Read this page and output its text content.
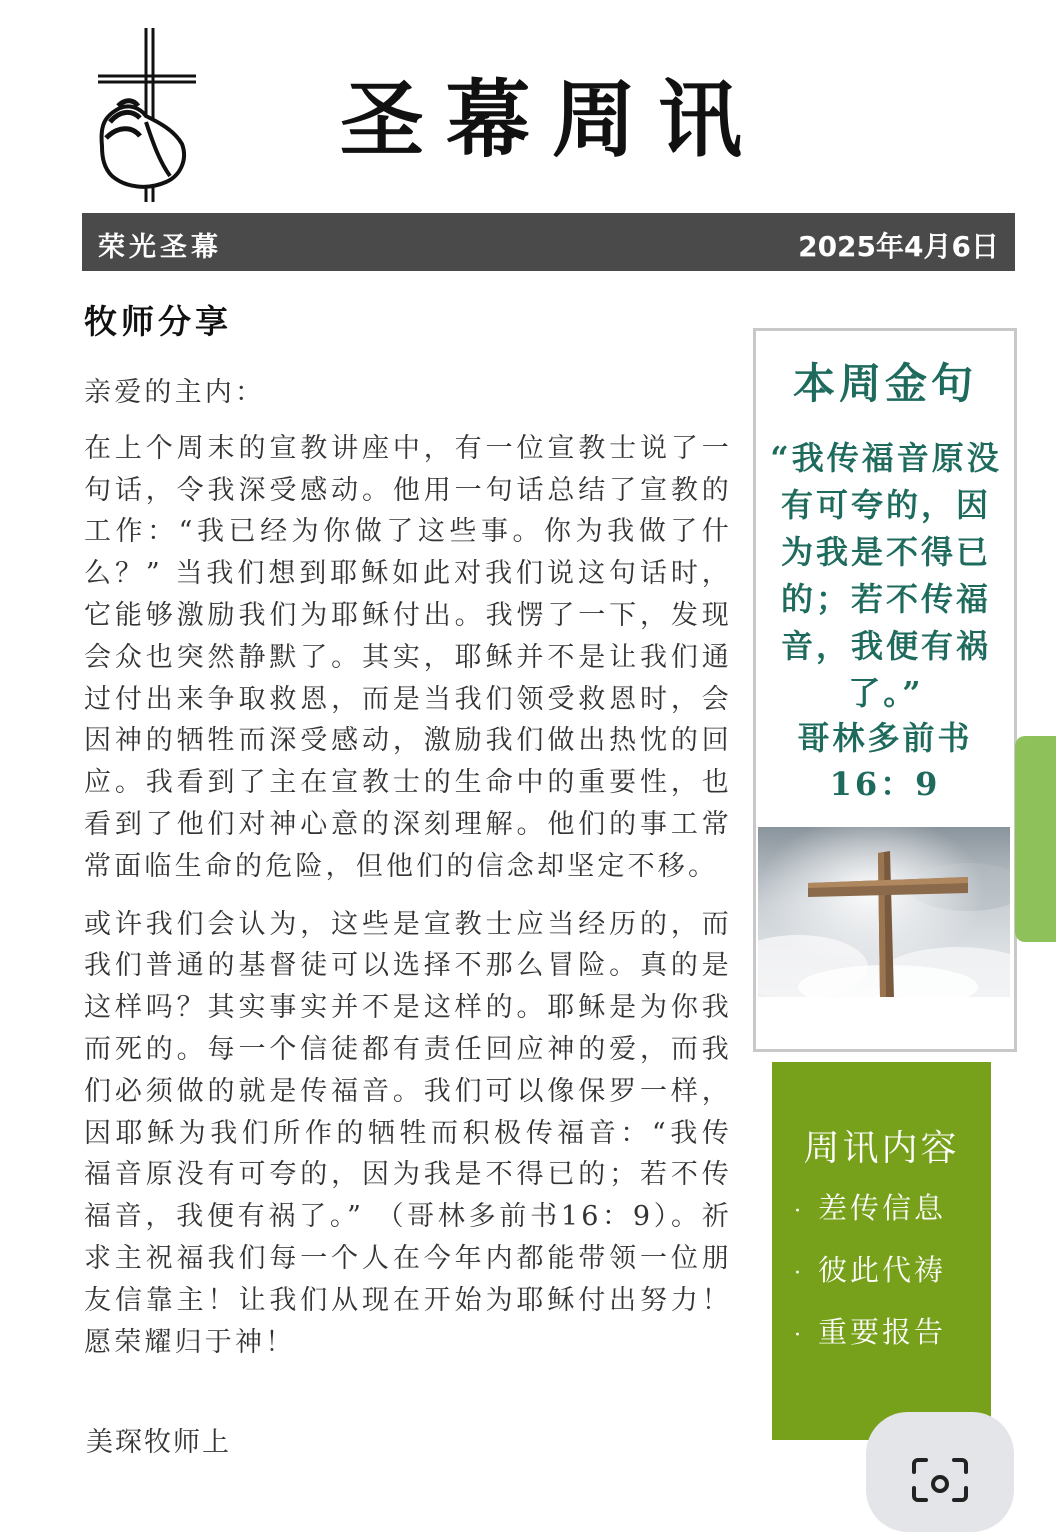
圣幕周讯
荣光圣幕	2025年4月6日
牧师分享

亲爱的主内：

在上个周末的宣教讲座中，有一位宣教士说了一句话，令我深受感动。他用一句话总结了宣教的工作：“我已经为你做了这些事。你为我做了什么？” 当我们想到耶稣如此对我们说这句话时，它能够激励我们为耶稣付出。我愣了一下，发现会众也突然静默了。其实，耶稣并不是让我们通过付出来争取救恩，而是当我们领受救恩时，会因神的牺牲而深受感动，激励我们做出热忱的回应。我看到了主在宣教士的生命中的重要性，也看到了他们对神心意的深刻理解。他们的事工常常面临生命的危险，但他们的信念却坚定不移。

或许我们会认为，这些是宣教士应当经历的，而我们普通的基督徒可以选择不那么冒险。真的是这样吗？其实事实并不是这样的。耶稣是为你我而死的。每一个信徒都有责任回应神的爱，而我们必须做的就是传福音。我们可以像保罗一样，因耶稣为我们所作的牺牲而积极传福音：“我传福音原没有可夸的，因为我是不得已的；若不传福音，我便有祸了。” （哥林多前书16：9）。祈求主祝福我们每一个人在今年内都能带领一位朋友信靠主！让我们从现在开始为耶稣付出努力！愿荣耀归于神！

美琛牧师上
本周金句
“我传福音原没有可夸的，因为我是不得已的；若不传福音，我便有祸了。”
哥林多前书
16：9
周讯内容
· 差传信息
· 彼此代祷
· 重要报告
